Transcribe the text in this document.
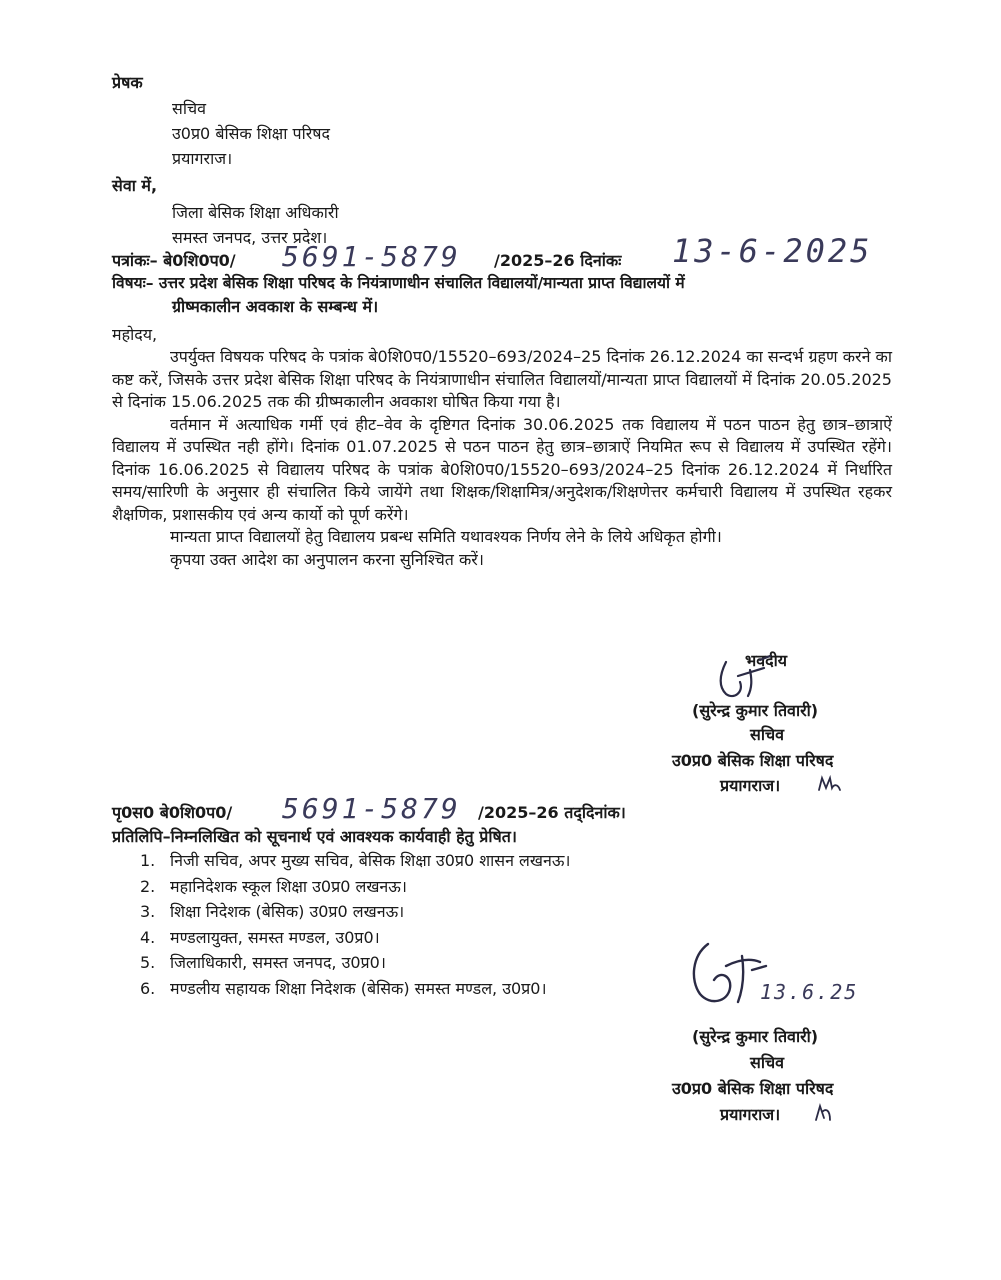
प्रेषक
सचिव
उ0प्र0 बेसिक शिक्षा परिषद
प्रयागराज।
सेवा में,
जिला बेसिक शिक्षा अधिकारी
समस्त जनपद, उत्तर प्रदेश।
पत्रांकः– बे0शि0प0/ 5691-5879 /2025–26 दिनांकः 13-6-2025
विषयः– उत्तर प्रदेश बेसिक शिक्षा परिषद के नियंत्राणाधीन संचालित विद्यालयों/मान्यता प्राप्त विद्यालयों में
ग्रीष्मकालीन अवकाश के सम्बन्ध में।
महोदय,

उपर्युक्त विषयक परिषद के पत्रांक बे0शि0प0/15520–693/2024–25 दिनांक 26.12.2024 का सन्दर्भ ग्रहण करने का कष्ट करें, जिसके उत्तर प्रदेश बेसिक शिक्षा परिषद के नियंत्राणाधीन संचालित विद्यालयों/मान्यता प्राप्त विद्यालयों में दिनांक 20.05.2025 से दिनांक 15.06.2025 तक की ग्रीष्मकालीन अवकाश घोषित किया गया है।

वर्तमान में अत्याधिक गर्मी एवं हीट–वेव के दृष्टिगत दिनांक 30.06.2025 तक विद्यालय में पठन पाठन हेतु छात्र–छात्राऐं विद्यालय में उपस्थित नही होंगे। दिनांक 01.07.2025 से पठन पाठन हेतु छात्र–छात्राऐं नियमित रूप से विद्यालय में उपस्थित रहेंगे। दिनांक 16.06.2025 से विद्यालय परिषद के पत्रांक बे0शि0प0/15520–693/2024–25 दिनांक 26.12.2024 में निर्धारित समय/सारिणी के अनुसार ही संचालित किये जायेंगे तथा शिक्षक/शिक्षामित्र/अनुदेशक/शिक्षणेत्तर कर्मचारी विद्यालय में उपस्थित रहकर शैक्षणिक, प्रशासकीय एवं अन्य कार्यो को पूर्ण करेंगे।

मान्यता प्राप्त विद्यालयों हेतु विद्यालय प्रबन्ध समिति यथावश्यक निर्णय लेने के लिये अधिकृत होगी।

कृपया उक्त आदेश का अनुपालन करना सुनिश्चित करें।

भवदीय
(सुरेन्द्र कुमार तिवारी)
सचिव
उ0प्र0 बेसिक शिक्षा परिषद
प्रयागराज।
पृ0स0 बे0शि0प0/ 5691-5879 /2025–26 तद्‌दिनांक।
प्रतिलिपि–निम्नलिखित को सूचनार्थ एवं आवश्यक कार्यवाही हेतु प्रेषित।
1. निजी सचिव, अपर मुख्य सचिव, बेसिक शिक्षा उ0प्र0 शासन लखनऊ।
2. महानिदेशक स्कूल शिक्षा उ0प्र0 लखनऊ।
3. शिक्षा निदेशक (बेसिक) उ0प्र0 लखनऊ।
4. मण्डलायुक्त, समस्त मण्डल, उ0प्र0।
5. जिलाधिकारी, समस्त जनपद, उ0प्र0।
6. मण्डलीय सहायक शिक्षा निदेशक (बेसिक) समस्त मण्डल, उ0प्र0।	13.6.25
(सुरेन्द्र कुमार तिवारी)
सचिव
उ0प्र0 बेसिक शिक्षा परिषद
प्रयागराज।
